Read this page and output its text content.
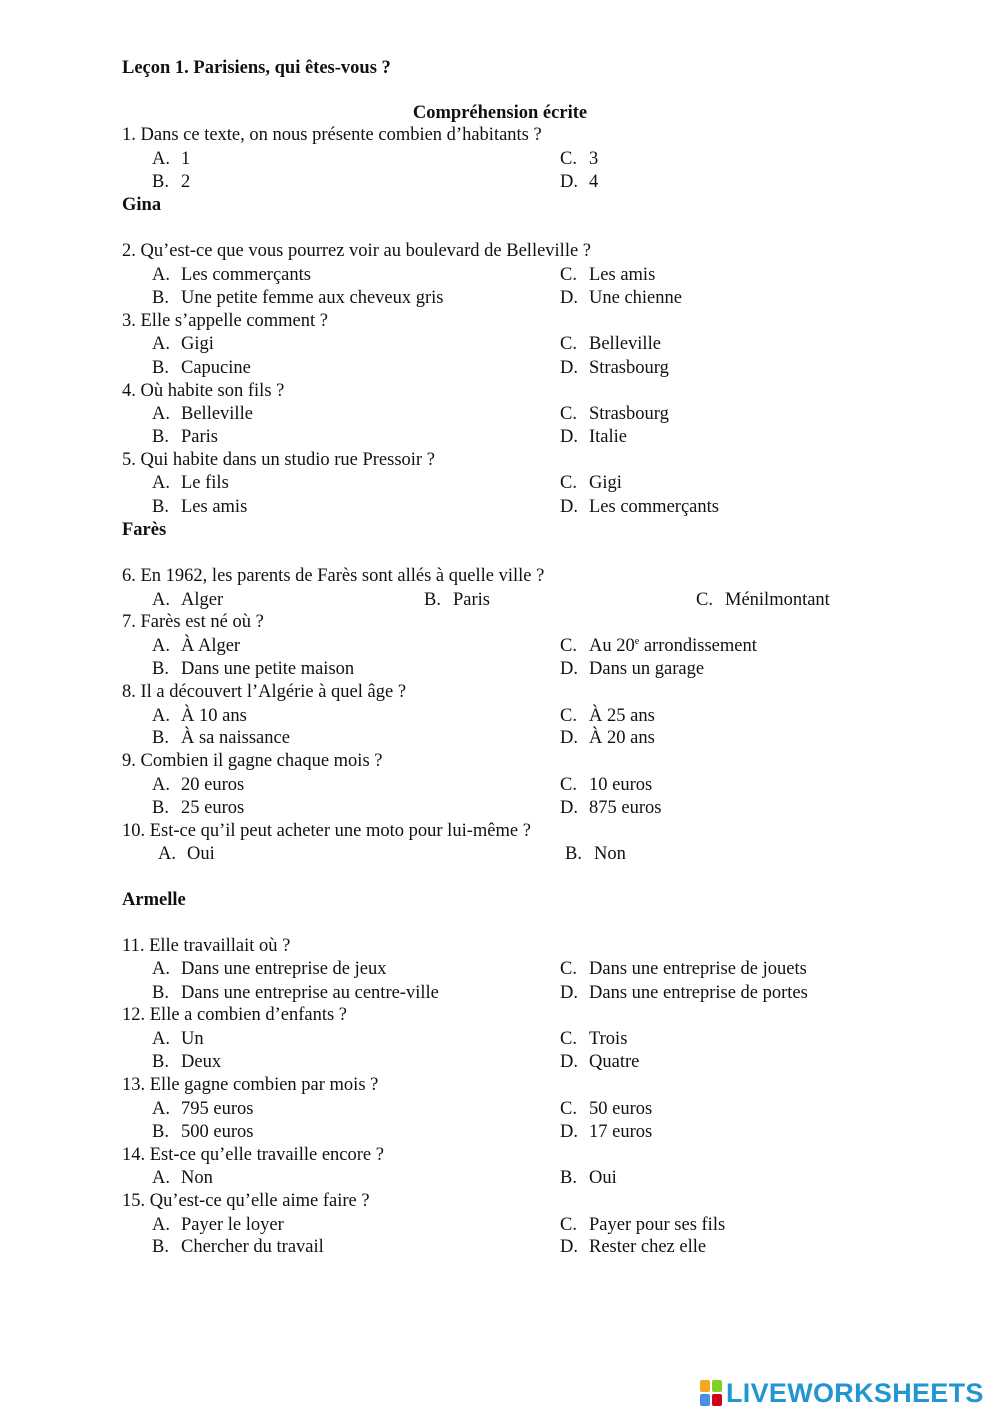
Leçon 1. Parisiens, qui êtes-vous ?
Compréhension écrite
1. Dans ce texte, on nous présente combien d’habitants ?
A. 1	C. 3
B. 2	D. 4
Gina
2. Qu’est-ce que vous pourrez voir au boulevard de Belleville ?
A. Les commerçants	C. Les amis
B. Une petite femme aux cheveux gris	D. Une chienne
3. Elle s’appelle comment ?
A. Gigi	C. Belleville
B. Capucine	D. Strasbourg
4. Où habite son fils ?
A. Belleville	C. Strasbourg
B. Paris	D. Italie
5. Qui habite dans un studio rue Pressoir ?
A. Le fils	C. Gigi
B. Les amis	D. Les commerçants
Farès
6. En 1962, les parents de Farès sont allés à quelle ville ?
A. Alger	B. Paris	C. Ménilmontant
7. Farès est né où ?
A. À Alger	C. Au 20e arrondissement
B. Dans une petite maison	D. Dans un garage
8. Il a découvert l’Algérie à quel âge ?
A. À 10 ans	C. À 25 ans
B. À sa naissance	D. À 20 ans
9. Combien il gagne chaque mois ?
A. 20 euros	C. 10 euros
B. 25 euros	D. 875 euros
10. Est-ce qu’il peut acheter une moto pour lui-même ?
A. Oui	B. Non
Armelle
11. Elle travaillait où ?
A. Dans une entreprise de jeux	C. Dans une entreprise de jouets
B. Dans une entreprise au centre-ville	D. Dans une entreprise de portes
12. Elle a combien d’enfants ?
A. Un	C. Trois
B. Deux	D. Quatre
13. Elle gagne combien par mois ?
A. 795 euros	C. 50 euros
B. 500 euros	D. 17 euros
14. Est-ce qu’elle travaille encore ?
A. Non	B. Oui
15. Qu’est-ce qu’elle aime faire ?
A. Payer le loyer	C. Payer pour ses fils
B. Chercher du travail	D. Rester chez elle
LIVEWORKSHEETS
